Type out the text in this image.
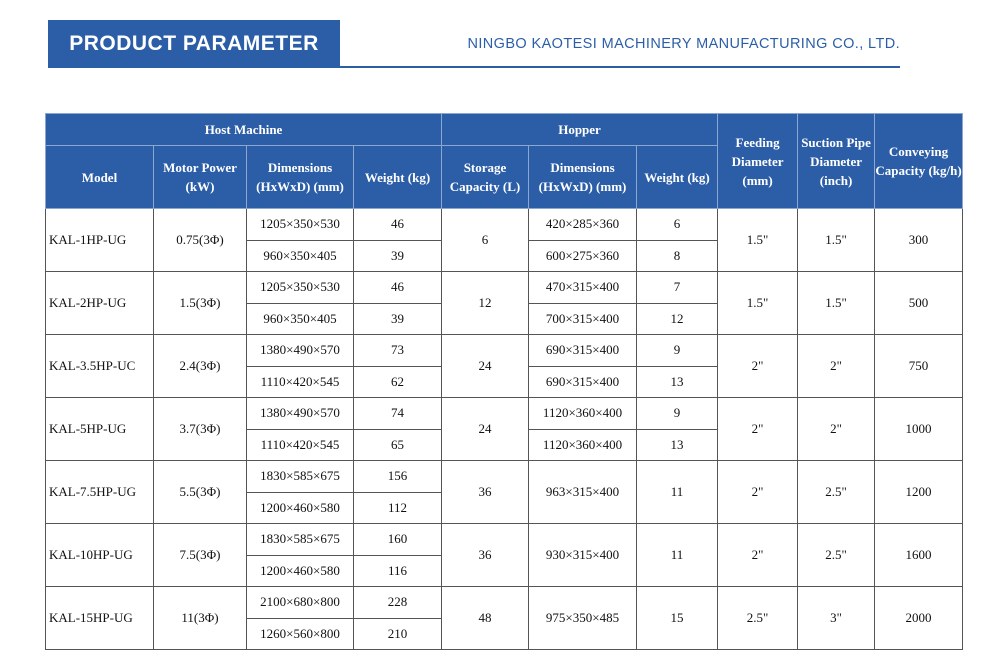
PRODUCT PARAMETER	NINGBO KAOTESI MACHINERY MANUFACTURING CO., LTD.
Host Machine				Hopper			Feeding Diameter (mm)	Suction Pipe Diameter (inch)	Conveying Capacity (kg/h)
Model	Motor Power (kW)	Dimensions (HxWxD) (mm)	Weight (kg)	Storage Capacity (L)	Dimensions (HxWxD) (mm)	Weight (kg)			
KAL-1HP-UG	0.75(3Φ)	1205×350×530	46	6	420×285×360	6	1.5"	1.5"	300
		960×350×405	39		600×275×360	8			
KAL-2HP-UG	1.5(3Φ)	1205×350×530	46	12	470×315×400	7	1.5"	1.5"	500
		960×350×405	39		700×315×400	12			
KAL-3.5HP-UC	2.4(3Φ)	1380×490×570	73	24	690×315×400	9	2"	2"	750
		1110×420×545	62		690×315×400	13			
KAL-5HP-UG	3.7(3Φ)	1380×490×570	74	24	1120×360×400	9	2"	2"	1000
		1110×420×545	65		1120×360×400	13			
KAL-7.5HP-UG	5.5(3Φ)	1830×585×675	156	36	963×315×400	11	2"	2.5"	1200
		1200×460×580	112						
KAL-10HP-UG	7.5(3Φ)	1830×585×675	160	36	930×315×400	11	2"	2.5"	1600
		1200×460×580	116						
KAL-15HP-UG	11(3Φ)	2100×680×800	228	48	975×350×485	15	2.5"	3"	2000
		1260×560×800	210						
